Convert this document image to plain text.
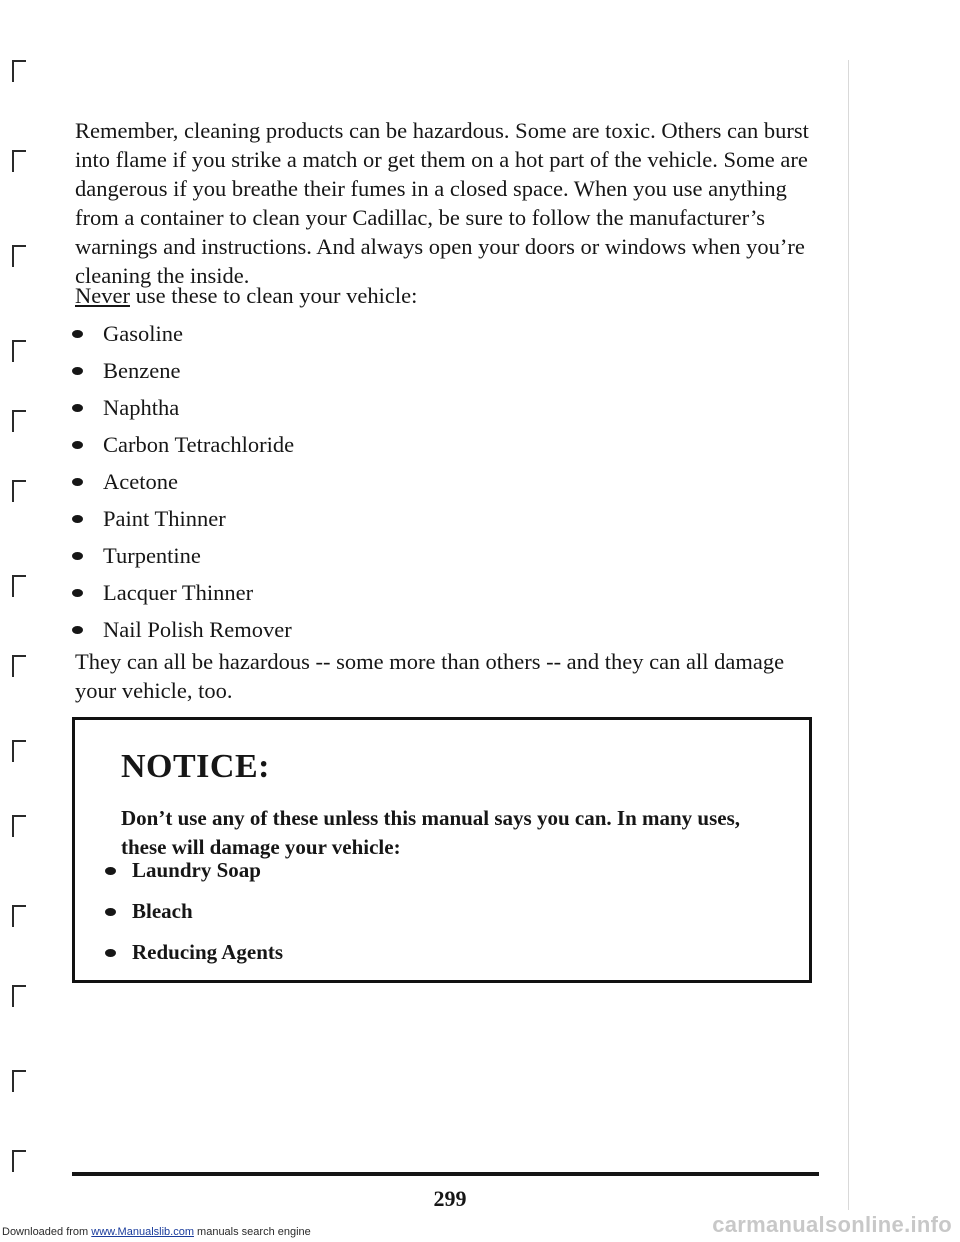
Remember, cleaning products can be hazardous. Some are toxic. Others can burst into flame if you strike a match or get them on a hot part of the vehicle. Some are dangerous if you breathe their fumes in a closed space. When you use anything from a container to clean your Cadillac, be sure to follow the manufacturer’s warnings and instructions. And always open your doors or windows when you’re cleaning the inside.

Never use these to clean your vehicle:

Gasoline
Benzene
Naphtha
Carbon Tetrachloride
Acetone
Paint Thinner
Turpentine
Lacquer Thinner
Nail Polish Remover

They can all be hazardous -- some more than others -- and they can all damage your vehicle, too.

NOTICE:

Don’t use any of these unless this manual says you can. In many uses, these will damage your vehicle:

Laundry Soap
Bleach
Reducing Agents

299

Downloaded from www.Manualslib.com manuals search engine	carmanualsonline.info
